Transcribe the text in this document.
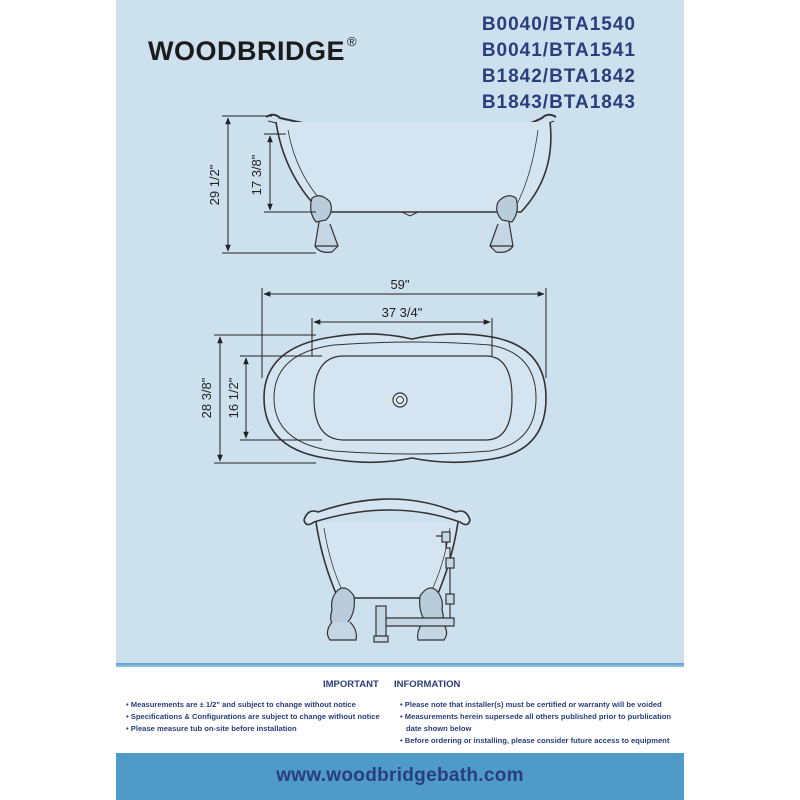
WOODBRIDGE ®
B0040/BTA1540
B0041/BTA1541
B1842/BTA1842
B1843/BTA1843
29 1/2" 17 3/8"
59"
37 3/4"
28 3/8" 16 1/2"
IMPORTANT INFORMATION
• Measurements are ± 1/2" and subject to change without notice
• Specifications & Configurations are subject to change without notice
• Please measure tub on-site before installation
• Please note that installer(s) must be certified or warranty will be voided
• Measurements herein supersede all others published prior to purblication
date shown below
• Before ordering or installing, please consider future access to equipment
www.woodbridgebath.com
